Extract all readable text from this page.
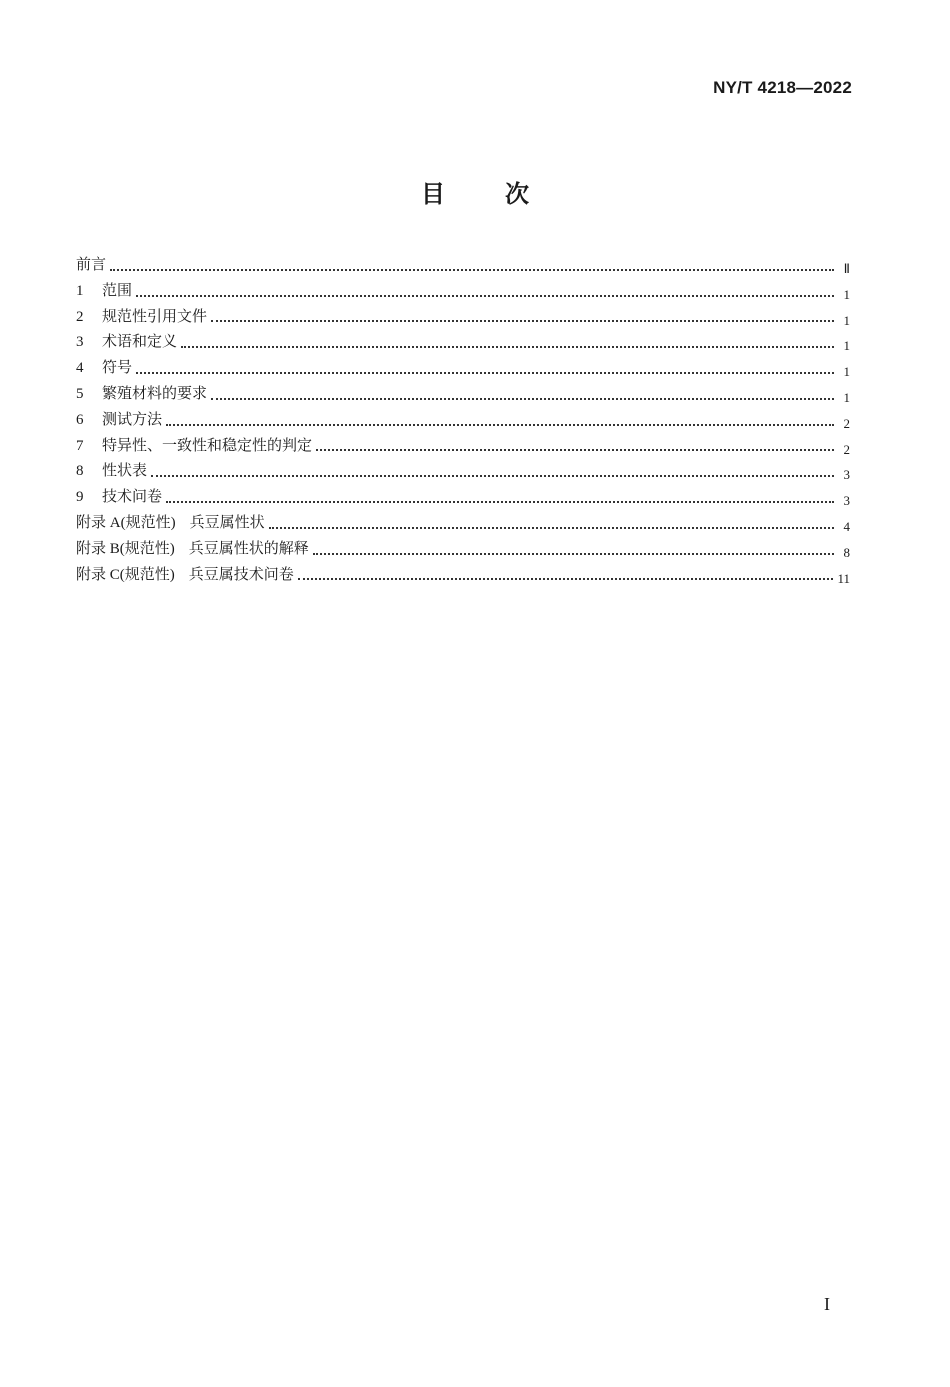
NY/T 4218—2022
目	次
前言	Ⅱ
1	范围	1
2	规范性引用文件	1
3	术语和定义	1
4	符号	1
5	繁殖材料的要求	1
6	测试方法	2
7	特异性、一致性和稳定性的判定	2
8	性状表	3
9	技术问卷	3
附录 A(规范性) 兵豆属性状	4
附录 B(规范性) 兵豆属性状的解释	8
附录 C(规范性) 兵豆属技术问卷	11
I
